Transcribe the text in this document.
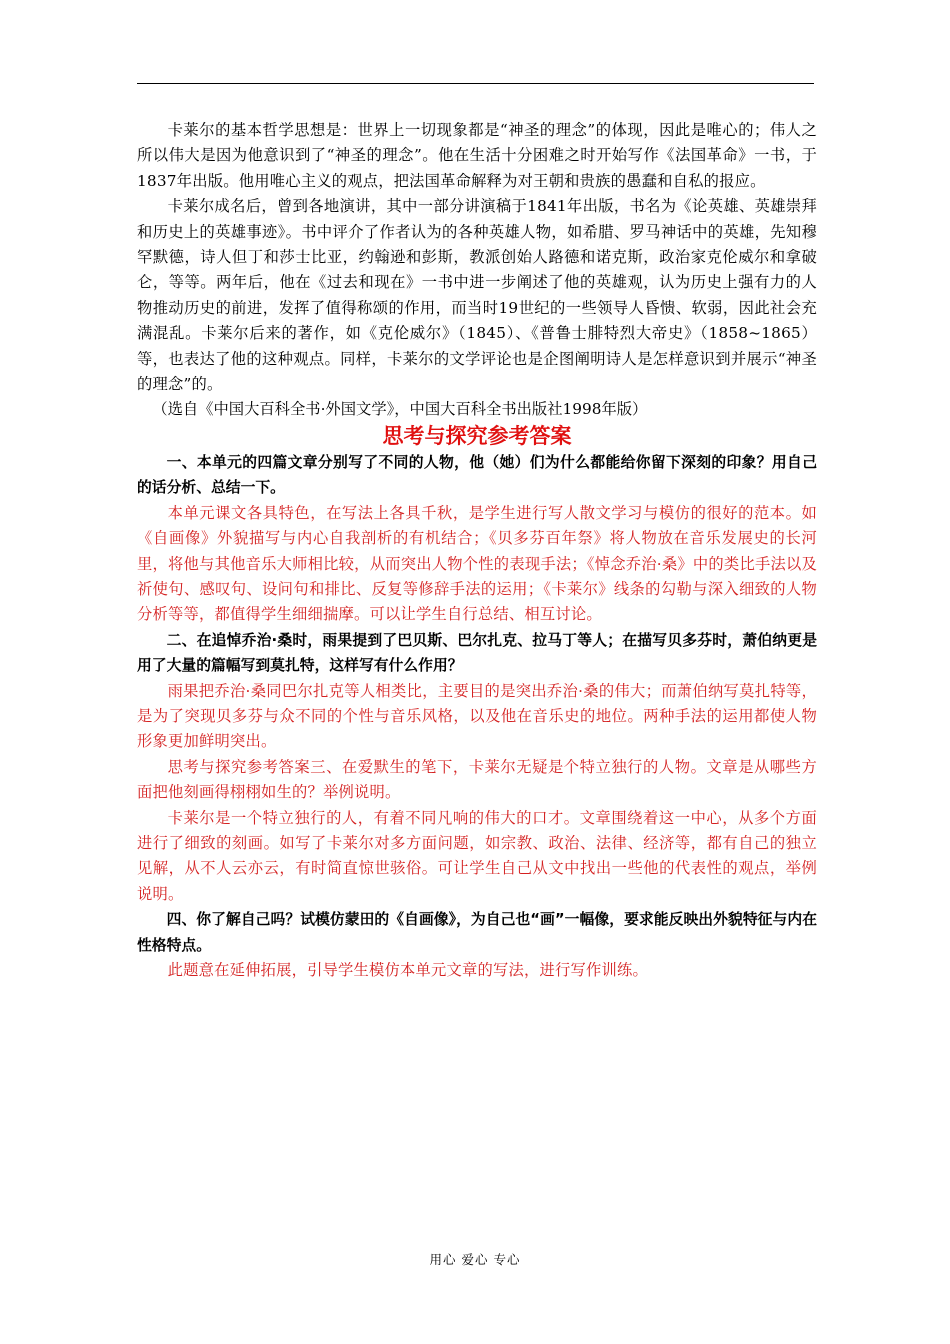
卡莱尔的基本哲学思想是：世界上一切现象都是“神圣的理念”的体现，因此是唯心的；伟人之所以伟大是因为他意识到了“神圣的理念”。他在生活十分困难之时开始写作《法国革命》一书，于1837年出版。他用唯心主义的观点，把法国革命解释为对王朝和贵族的愚蠢和自私的报应。

卡莱尔成名后，曾到各地演讲，其中一部分讲演稿于1841年出版，书名为《论英雄、英雄崇拜和历史上的英雄事迹》。书中评介了作者认为的各种英雄人物，如希腊、罗马神话中的英雄，先知穆罕默德，诗人但丁和莎士比亚，约翰逊和彭斯，教派创始人路德和诺克斯，政治家克伦威尔和拿破仑，等等。两年后，他在《过去和现在》一书中进一步阐述了他的英雄观，认为历史上强有力的人物推动历史的前进，发挥了值得称颂的作用，而当时19世纪的一些领导人昏愦、软弱，因此社会充满混乱。卡莱尔后来的著作，如《克伦威尔》（1845）、《普鲁士腓特烈大帝史》（1858~1865）等，也表达了他的这种观点。同样，卡莱尔的文学评论也是企图阐明诗人是怎样意识到并展示“神圣的理念”的。

（选自《中国大百科全书·外国文学》，中国大百科全书出版社1998年版）

思考与探究参考答案

一、本单元的四篇文章分别写了不同的人物，他（她）们为什么都能给你留下深刻的印象？用自己的话分析、总结一下。

本单元课文各具特色，在写法上各具千秋，是学生进行写人散文学习与模仿的很好的范本。如《自画像》外貌描写与内心自我剖析的有机结合；《贝多芬百年祭》将人物放在音乐发展史的长河里，将他与其他音乐大师相比较，从而突出人物个性的表现手法；《悼念乔治·桑》中的类比手法以及祈使句、感叹句、设问句和排比、反复等修辞手法的运用；《卡莱尔》线条的勾勒与深入细致的人物分析等等，都值得学生细细揣摩。可以让学生自行总结、相互讨论。

二、在追悼乔治·桑时，雨果提到了巴贝斯、巴尔扎克、拉马丁等人；在描写贝多芬时，萧伯纳更是用了大量的篇幅写到莫扎特，这样写有什么作用？

雨果把乔治·桑同巴尔扎克等人相类比，主要目的是突出乔治·桑的伟大；而萧伯纳写莫扎特等，是为了突现贝多芬与众不同的个性与音乐风格，以及他在音乐史的地位。两种手法的运用都使人物形象更加鲜明突出。

思考与探究参考答案三、在爱默生的笔下，卡莱尔无疑是个特立独行的人物。文章是从哪些方面把他刻画得栩栩如生的？举例说明。

卡莱尔是一个特立独行的人，有着不同凡响的伟大的口才。文章围绕着这一中心，从多个方面进行了细致的刻画。如写了卡莱尔对多方面问题，如宗教、政治、法律、经济等，都有自己的独立见解，从不人云亦云，有时简直惊世骇俗。可让学生自己从文中找出一些他的代表性的观点，举例说明。

四、你了解自己吗？试模仿蒙田的《自画像》，为自己也“画”一幅像，要求能反映出外貌特征与内在性格特点。

此题意在延伸拓展，引导学生模仿本单元文章的写法，进行写作训练。

用心 爱心 专心
